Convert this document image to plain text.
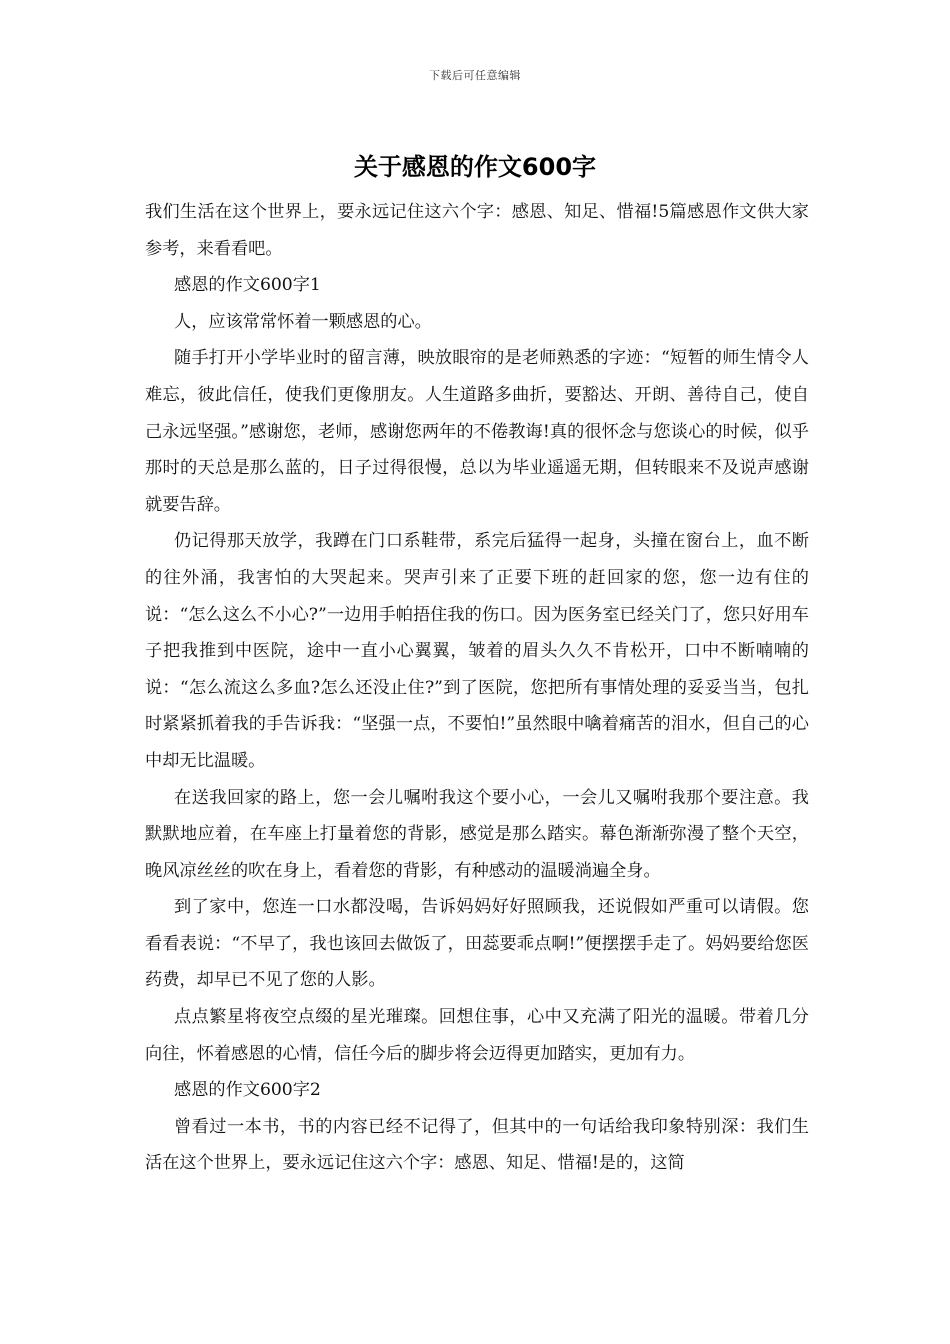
下载后可任意编辑
关于感恩的作文600字

我们生活在这个世界上，要永远记住这六个字：感恩、知足、惜福!5篇感恩作文供大家参考，来看看吧。

感恩的作文600字1

人，应该常常怀着一颗感恩的心。

随手打开小学毕业时的留言薄，映放眼帘的是老师熟悉的字迹：“短暂的师生情令人难忘，彼此信任，使我们更像朋友。人生道路多曲折，要豁达、开朗、善待自己，使自己永远坚强。”感谢您，老师，感谢您两年的不倦教诲!真的很怀念与您谈心的时候，似乎那时的天总是那么蓝的，日子过得很慢，总以为毕业遥遥无期，但转眼来不及说声感谢就要告辞。

仍记得那天放学，我蹲在门口系鞋带，系完后猛得一起身，头撞在窗台上，血不断的往外涌，我害怕的大哭起来。哭声引来了正要下班的赶回家的您，您一边有住的说：“怎么这么不小心?”一边用手帕捂住我的伤口。因为医务室已经关门了，您只好用车子把我推到中医院，途中一直小心翼翼，皱着的眉头久久不肯松开，口中不断喃喃的说：“怎么流这么多血?怎么还没止住?”到了医院，您把所有事情处理的妥妥当当，包扎时紧紧抓着我的手告诉我：“坚强一点，不要怕!”虽然眼中噙着痛苦的泪水，但自己的心中却无比温暖。

在送我回家的路上，您一会儿嘱咐我这个要小心，一会儿又嘱咐我那个要注意。我默默地应着，在车座上打量着您的背影，感觉是那么踏实。幕色渐渐弥漫了整个天空，晚风凉丝丝的吹在身上，看着您的背影，有种感动的温暖淌遍全身。

到了家中，您连一口水都没喝，告诉妈妈好好照顾我，还说假如严重可以请假。您看看表说：“不早了，我也该回去做饭了，田蕊要乖点啊!”便摆摆手走了。妈妈要给您医药费，却早已不见了您的人影。

点点繁星将夜空点缀的星光璀璨。回想住事，心中又充满了阳光的温暖。带着几分向往，怀着感恩的心情，信任今后的脚步将会迈得更加踏实，更加有力。

感恩的作文600字2

曾看过一本书，书的内容已经不记得了，但其中的一句话给我印象特别深：我们生活在这个世界上，要永远记住这六个字：感恩、知足、惜福!是的，这简
